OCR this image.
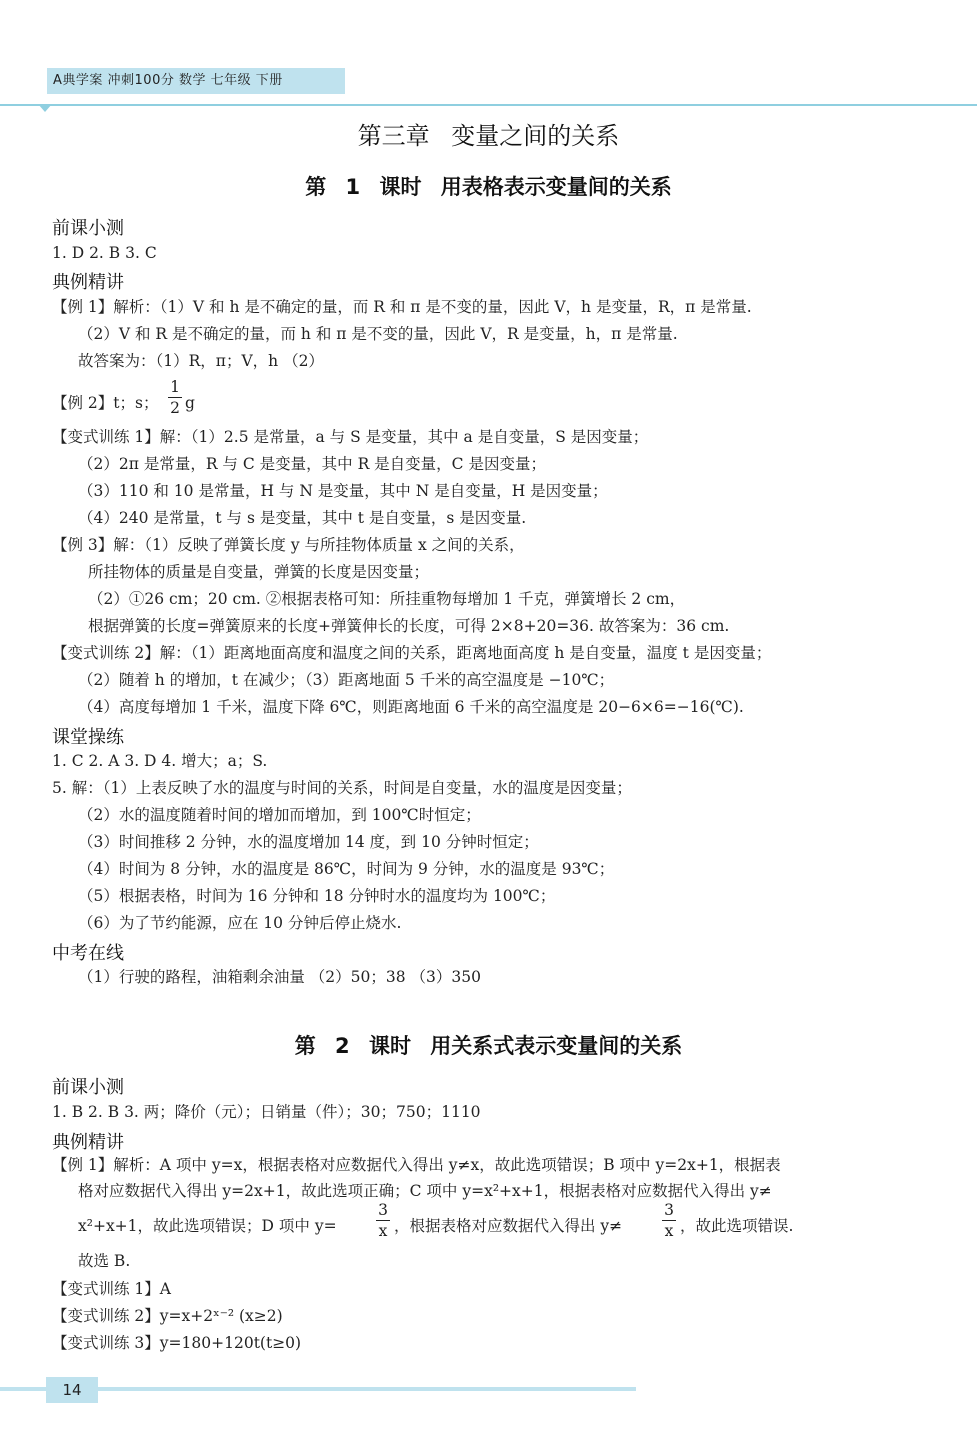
A典学案 冲刺100分 数学 七年级 下册
第三章 变量之间的关系
第 1 课时 用表格表示变量间的关系
前课小测
1. D 2. B 3. C
典例精讲
【例 1】解析：（1）V 和 h 是不确定的量，而 R 和 π 是不变的量，因此 V，h 是变量，R，π 是常量.
（2）V 和 R 是不确定的量，而 h 和 π 是不变的量，因此 V，R 是变量，h，π 是常量.
故答案为：（1）R，π；V，h （2）
【例 2】t；s；
1
2 g
【变式训练 1】解：（1）2.5 是常量，a 与 S 是变量，其中 a 是自变量，S 是因变量；
（2）2π 是常量，R 与 C 是变量，其中 R 是自变量，C 是因变量；
（3）110 和 10 是常量，H 与 N 是变量，其中 N 是自变量，H 是因变量；
（4）240 是常量，t 与 s 是变量，其中 t 是自变量，s 是因变量.
【例 3】解：（1）反映了弹簧长度 y 与所挂物体质量 x 之间的关系，
所挂物体的质量是自变量，弹簧的长度是因变量；
（2）①26 cm；20 cm. ②根据表格可知：所挂重物每增加 1 千克，弹簧增长 2 cm，
根据弹簧的长度=弹簧原来的长度+弹簧伸长的长度，可得 2×8+20=36. 故答案为：36 cm.
【变式训练 2】解：（1）距离地面高度和温度之间的关系，距离地面高度 h 是自变量，温度 t 是因变量；
（2）随着 h 的增加，t 在减少；（3）距离地面 5 千米的高空温度是 −10℃；
（4）高度每增加 1 千米，温度下降 6℃，则距离地面 6 千米的高空温度是 20−6×6=−16(℃).
课堂操练
1. C 2. A 3. D 4. 增大；a；S.
5. 解：（1）上表反映了水的温度与时间的关系，时间是自变量，水的温度是因变量；
（2）水的温度随着时间的增加而增加，到 100℃时恒定；
（3）时间推移 2 分钟，水的温度增加 14 度，到 10 分钟时恒定；
（4）时间为 8 分钟，水的温度是 86℃，时间为 9 分钟，水的温度是 93℃；
（5）根据表格，时间为 16 分钟和 18 分钟时水的温度均为 100℃；
（6）为了节约能源，应在 10 分钟后停止烧水.
中考在线
（1）行驶的路程，油箱剩余油量 （2）50；38 （3）350
第 2 课时 用关系式表示变量间的关系
前课小测
1. B 2. B 3. 两；降价（元）；日销量（件）；30；750；1110
典例精讲
【例 1】解析：A 项中 y=x，根据表格对应数据代入得出 y≠x，故此选项错误；B 项中 y=2x+1，根据表
格对应数据代入得出 y=2x+1，故此选项正确；C 项中 y=x²+x+1，根据表格对应数据代入得出 y≠
x²+x+1，故此选项错误；D 项中 y=
3
x ，根据表格对应数据代入得出 y≠
3
x ，故此选项错误.
故选 B.
【变式训练 1】A
【变式训练 2】y=x+2ˣ⁻² (x≥2)
【变式训练 3】y=180+120t(t≥0)
14
